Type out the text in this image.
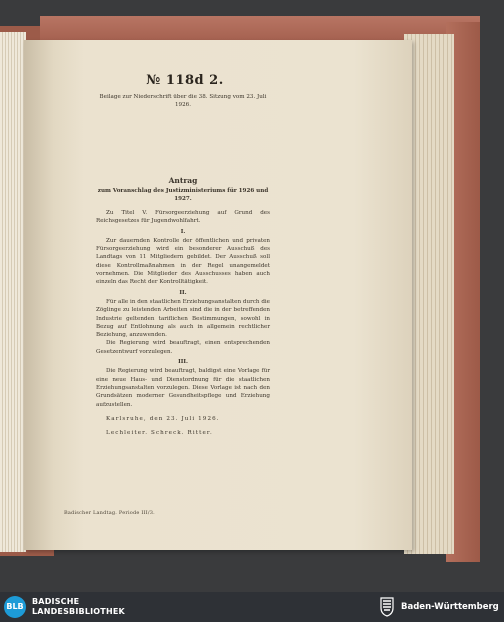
№ 118d 2.
Beilage zur Niederschrift über die 38. Sitzung vom 23. Juli 1926.
Antrag
zum Voranschlag des Justizministeriums für 1926 und 1927.

Zu Titel V. Fürsorgeerziehung auf Grund des Reichsgesetzes für Jugendwohlfahrt.

I.

Zur dauernden Kontrolle der öffentlichen und privaten Fürsorgeerziehung wird ein besonderer Ausschuß des Landtags von 11 Mitgliedern gebildet. Der Ausschuß soll diese Kontrollmaßnahmen in der Regel unangemeldet vornehmen. Die Mitglieder des Ausschusses haben auch einzeln das Recht der Kontrolltätigkeit.

II.

Für alle in den staatlichen Erziehungsanstalten durch die Zöglinge zu leistenden Arbeiten sind die in der betreffenden Industrie geltenden tariflichen Bestimmungen, sowohl in Bezug auf Entlohnung als auch in allgemein rechtlicher Beziehung, anzuwenden.

Die Regierung wird beauftragt, einen entsprechenden Gesetzentwurf vorzulegen.

III.

Die Regierung wird beauftragt, baldigst eine Vorlage für eine neue Haus- und Dienstordnung für die staatlichen Erziehungsanstalten vorzulegen. Diese Vorlage ist nach den Grundsätzen moderner Gesundheitspflege und Erziehung aufzustellen.

Karlsruhe, den 23. Juli 1926.

Lechleiter. Schreck. Ritter.

Badischer Landtag. Periode III/3.
BLB
BADISCHE
LANDESBIBLIOTHEK	Baden-Württemberg
